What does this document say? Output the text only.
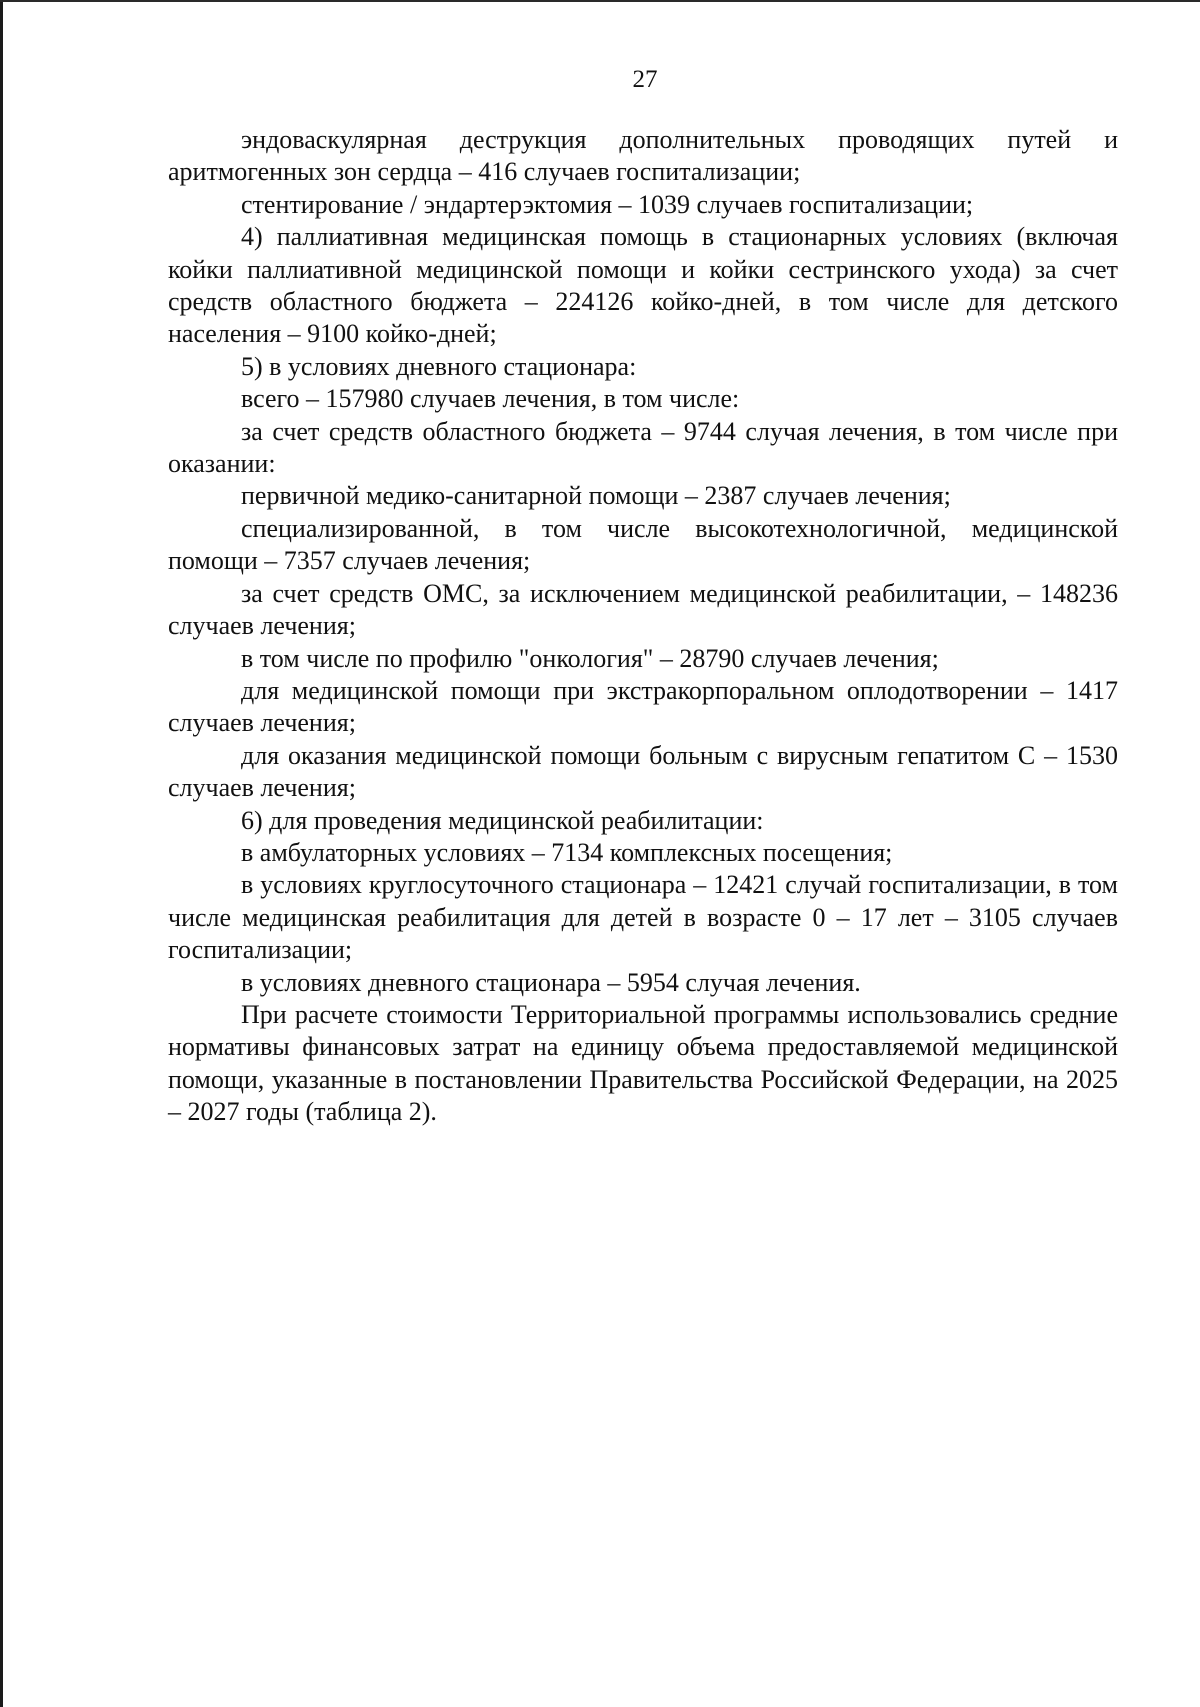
27

эндоваскулярная деструкция дополнительных проводящих путей и аритмогенных зон сердца – 416 случаев госпитализации;

стентирование / эндартерэктомия – 1039 случаев госпитализации;

4) паллиативная медицинская помощь в стационарных условиях (включая койки паллиативной медицинской помощи и койки сестринского ухода) за счет средств областного бюджета – 224126 койко-дней, в том числе для детского населения – 9100 койко-дней;

5) в условиях дневного стационара:

всего – 157980 случаев лечения, в том числе:

за счет средств областного бюджета – 9744 случая лечения, в том числе при оказании:

первичной медико-санитарной помощи – 2387 случаев лечения;

специализированной, в том числе высокотехнологичной, медицинской помощи – 7357 случаев лечения;

за счет средств ОМС, за исключением медицинской реабилитации, – 148236 случаев лечения;

в том числе по профилю "онкология" – 28790 случаев лечения;

для медицинской помощи при экстракорпоральном оплодотворении – 1417 случаев лечения;

для оказания медицинской помощи больным с вирусным гепатитом С – 1530 случаев лечения;

6) для проведения медицинской реабилитации:

в амбулаторных условиях – 7134 комплексных посещения;

в условиях круглосуточного стационара – 12421 случай госпитализации, в том числе медицинская реабилитация для детей в возрасте 0 – 17 лет – 3105 случаев госпитализации;

в условиях дневного стационара – 5954 случая лечения.

При расчете стоимости Территориальной программы использовались средние нормативы финансовых затрат на единицу объема предоставляемой медицинской помощи, указанные в постановлении Правительства Российской Федерации, на 2025 – 2027 годы (таблица 2).
